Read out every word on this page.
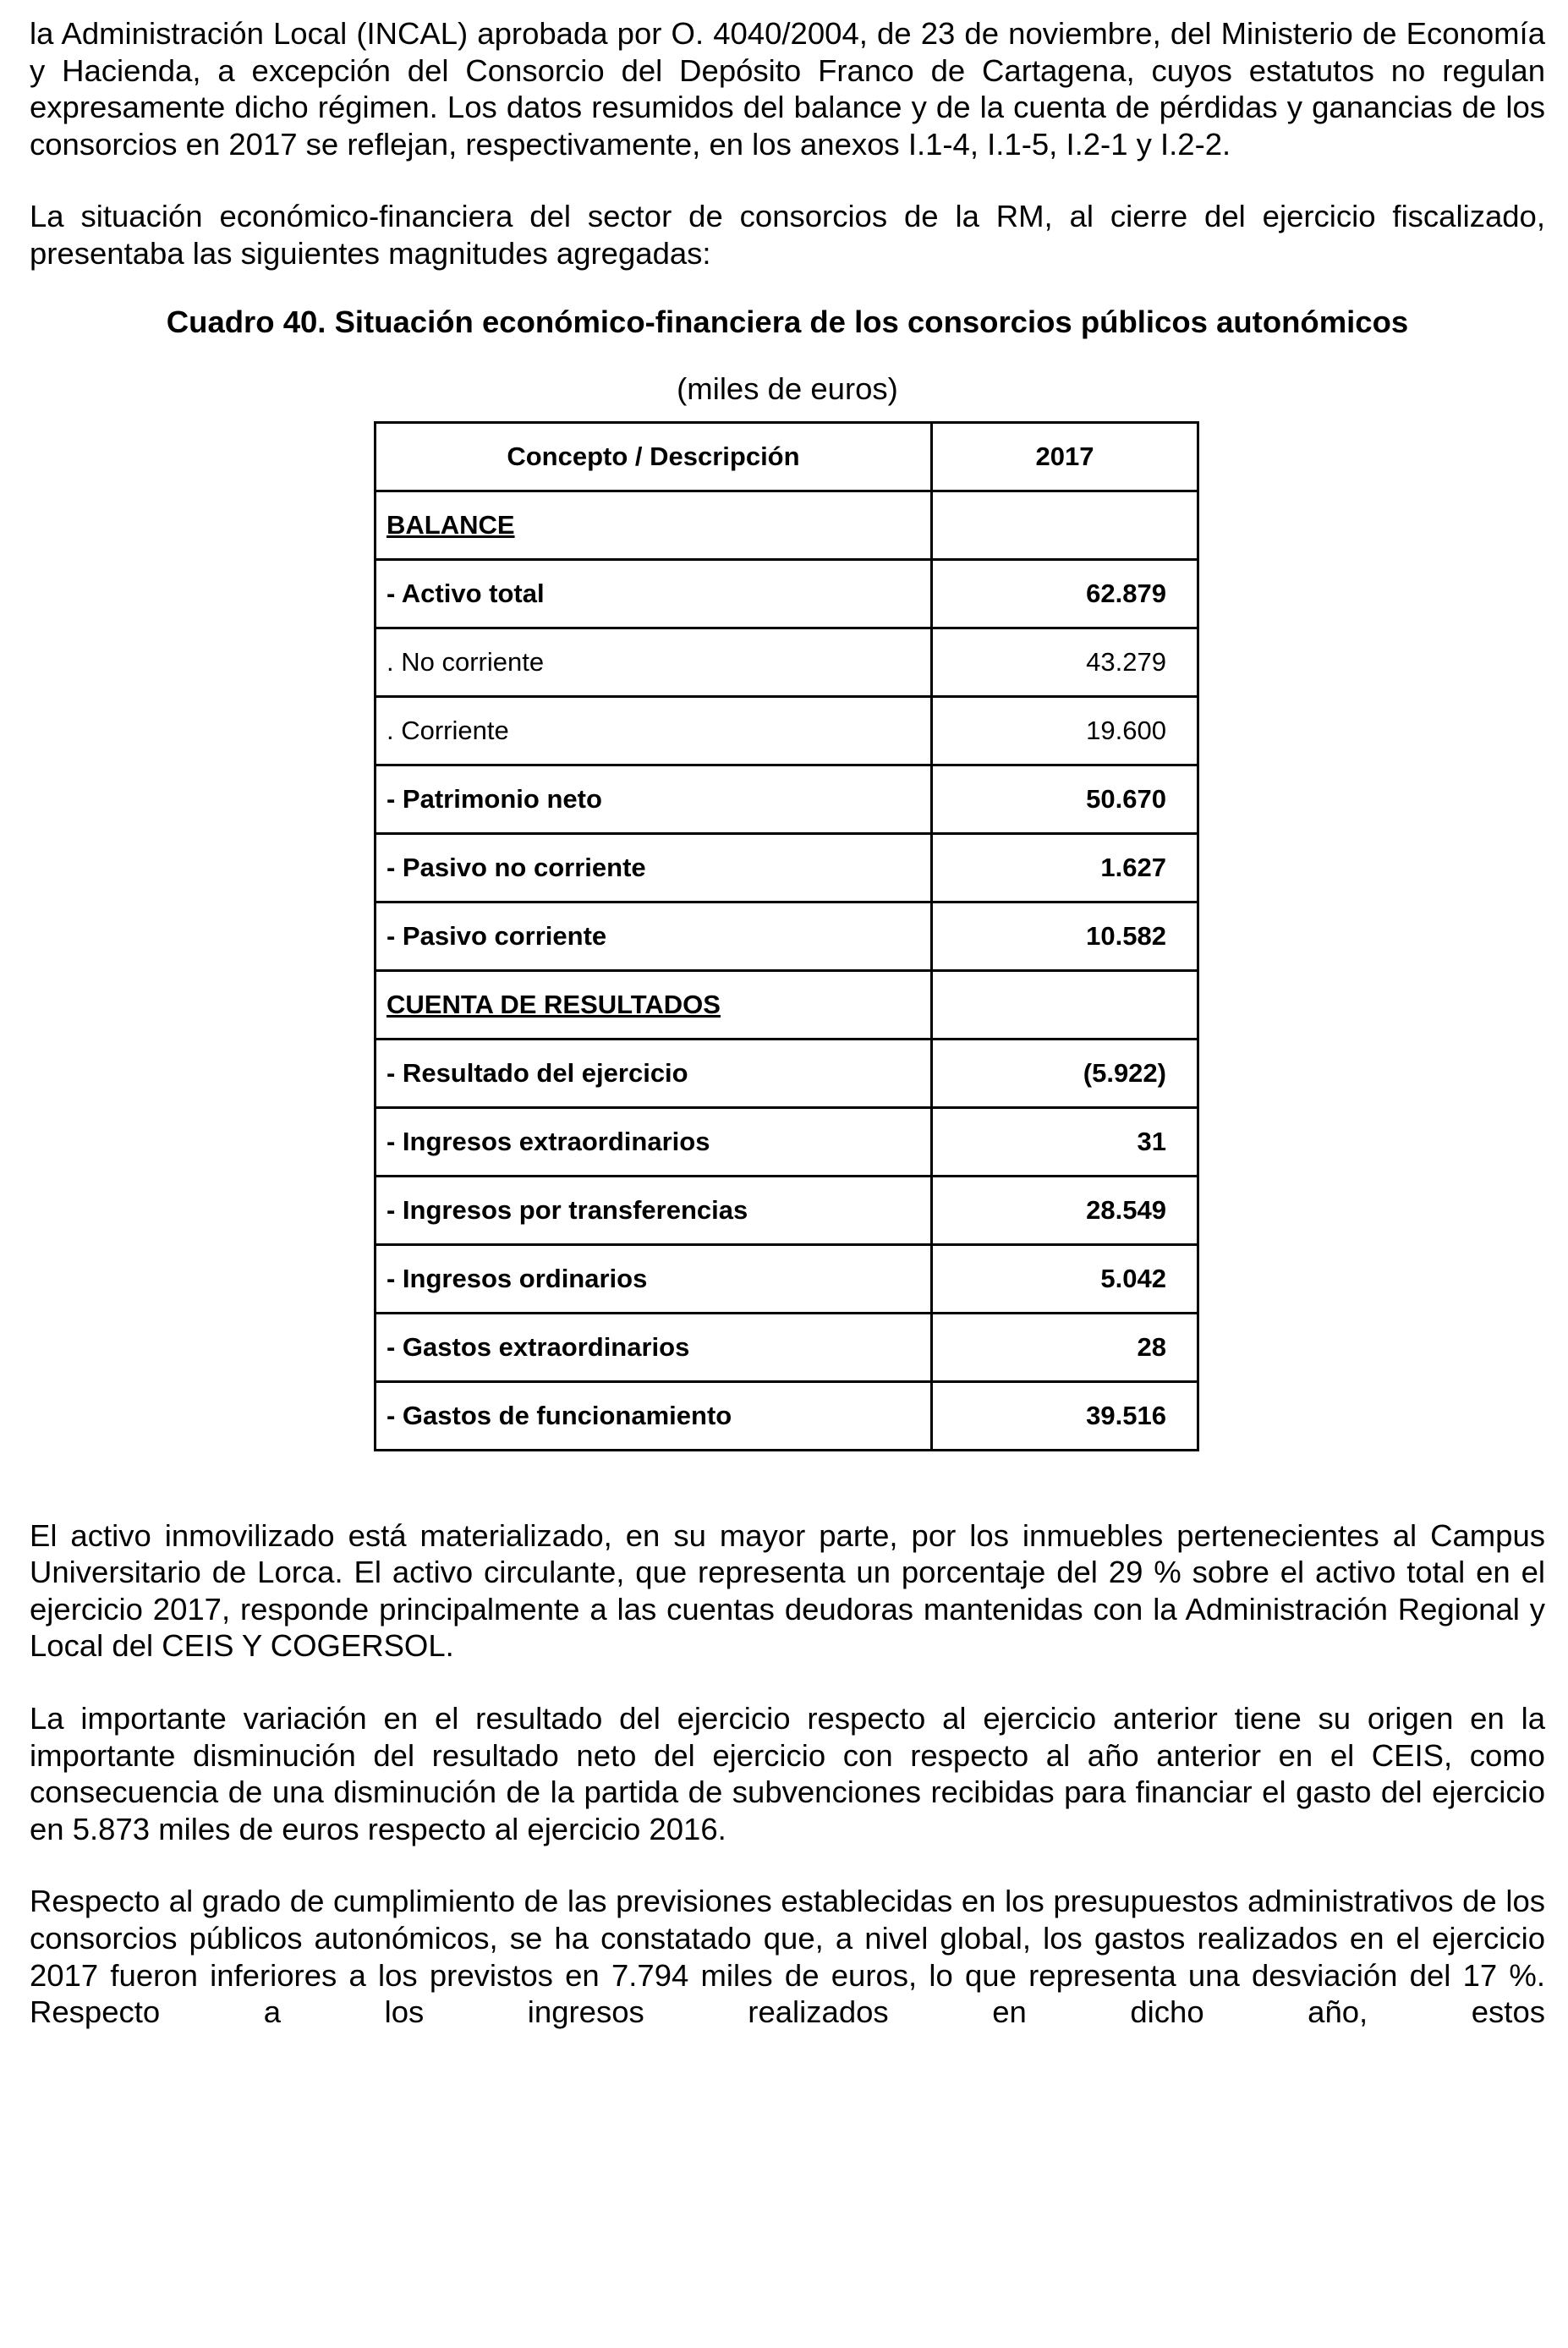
la Administración Local (INCAL) aprobada por O. 4040/2004, de 23 de noviembre, del Ministerio de Economía y Hacienda, a excepción del Consorcio del Depósito Franco de Cartagena, cuyos estatutos no regulan expresamente dicho régimen. Los datos resumidos del balance y de la cuenta de pérdidas y ganancias de los consorcios en 2017 se reflejan, respectivamente, en los anexos I.1-4, I.1-5, I.2-1 y I.2-2.

La situación económico-financiera del sector de consorcios de la RM, al cierre del ejercicio fiscalizado, presentaba las siguientes magnitudes agregadas:

Cuadro 40. Situación económico-financiera de los consorcios públicos autonómicos

(miles de euros)

Concepto / Descripción	2017
BALANCE	
- Activo total	62.879
. No corriente	43.279
. Corriente	19.600
- Patrimonio neto	50.670
- Pasivo no corriente	1.627
- Pasivo corriente	10.582
CUENTA DE RESULTADOS	
- Resultado del ejercicio	(5.922)
- Ingresos extraordinarios	31
- Ingresos por transferencias	28.549
- Ingresos ordinarios	5.042
- Gastos extraordinarios	28
- Gastos de funcionamiento	39.516

El activo inmovilizado está materializado, en su mayor parte, por los inmuebles pertenecientes al Campus Universitario de Lorca. El activo circulante, que representa un porcentaje del 29 % sobre el activo total en el ejercicio 2017, responde principalmente a las cuentas deudoras mantenidas con la Administración Regional y Local del CEIS Y COGERSOL.

La importante variación en el resultado del ejercicio respecto al ejercicio anterior tiene su origen en la importante disminución del resultado neto del ejercicio con respecto al año anterior en el CEIS, como consecuencia de una disminución de la partida de subvenciones recibidas para financiar el gasto del ejercicio en 5.873 miles de euros respecto al ejercicio 2016.

Respecto al grado de cumplimiento de las previsiones establecidas en los presupuestos administrativos de los consorcios públicos autonómicos, se ha constatado que, a nivel global, los gastos realizados en el ejercicio 2017 fueron inferiores a los previstos en 7.794 miles de euros, lo que representa una desviación del 17 %. Respecto a los ingresos realizados en dicho año, estos
